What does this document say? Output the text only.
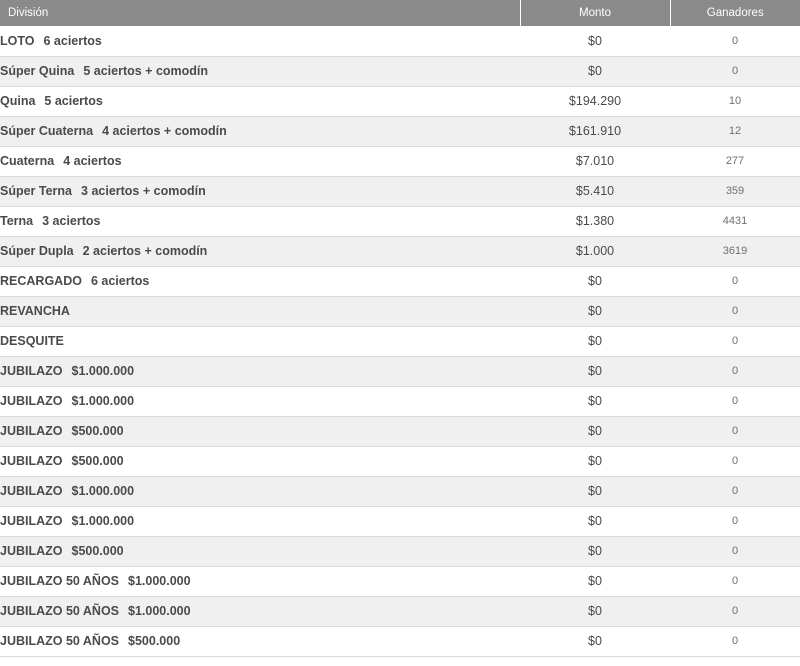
División	Monto	Ganadores
LOTO 6 aciertos	$0	0
Súper Quina 5 aciertos + comodín	$0	0
Quina 5 aciertos	$194.290	10
Súper Cuaterna 4 aciertos + comodín	$161.910	12
Cuaterna 4 aciertos	$7.010	277
Súper Terna 3 aciertos + comodín	$5.410	359
Terna 3 aciertos	$1.380	4431
Súper Dupla 2 aciertos + comodín	$1.000	3619
RECARGADO 6 aciertos	$0	0
REVANCHA	$0	0
DESQUITE	$0	0
JUBILAZO $1.000.000	$0	0
JUBILAZO $1.000.000	$0	0
JUBILAZO $500.000	$0	0
JUBILAZO $500.000	$0	0
JUBILAZO $1.000.000	$0	0
JUBILAZO $1.000.000	$0	0
JUBILAZO $500.000	$0	0
JUBILAZO 50 AÑOS $1.000.000	$0	0
JUBILAZO 50 AÑOS $1.000.000	$0	0
JUBILAZO 50 AÑOS $500.000	$0	0
